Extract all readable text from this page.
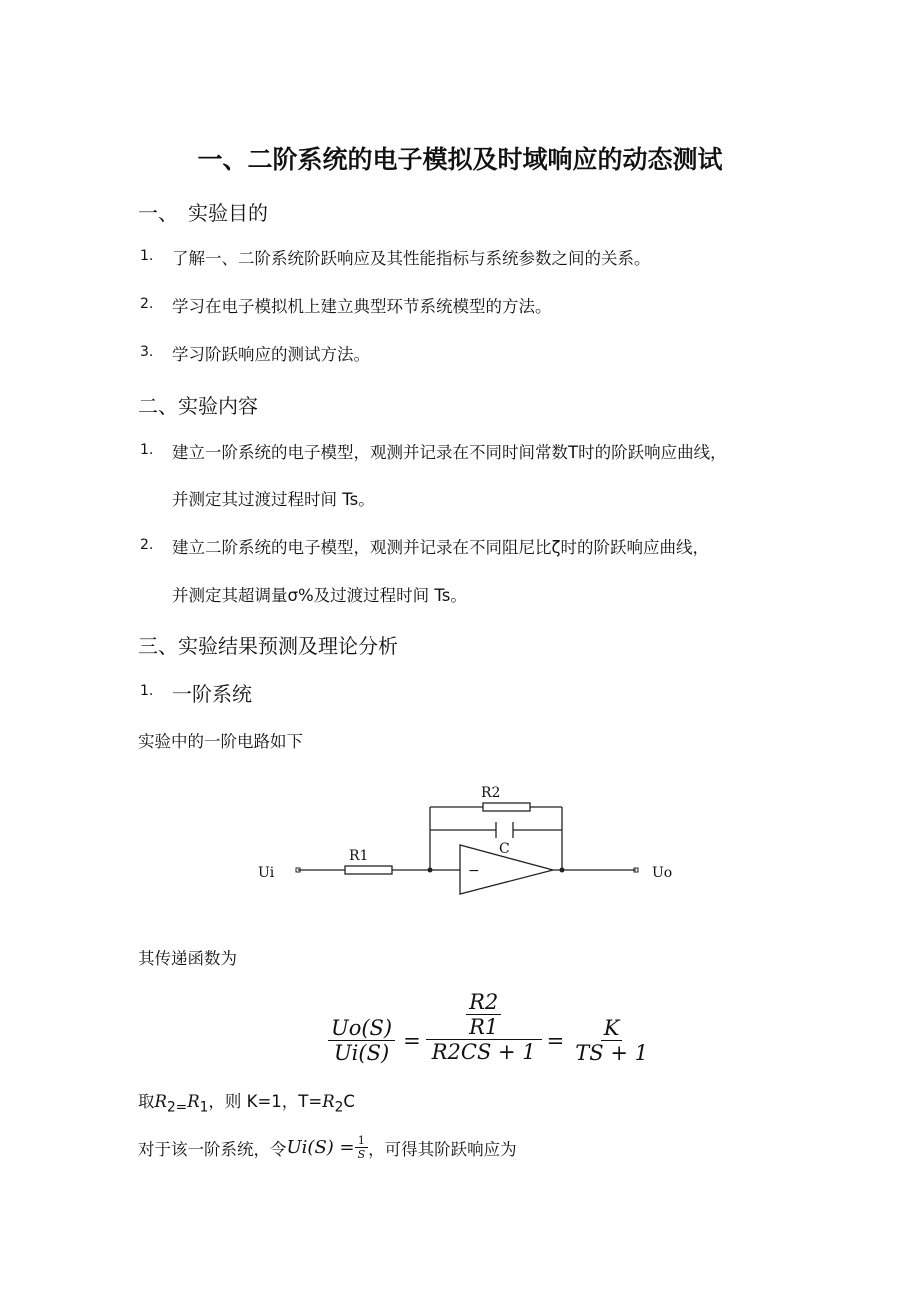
一、二阶系统的电子模拟及时域响应的动态测试
一、　实验目的
1. 了解一、二阶系统阶跃响应及其性能指标与系统参数之间的关系。
2. 学习在电子模拟机上建立典型环节系统模型的方法。
3. 学习阶跃响应的测试方法。
二、实验内容
1. 建立一阶系统的电子模型，观测并记录在不同时间常数T时的阶跃响应曲线，
并测定其过渡过程时间 Ts。
2. 建立二阶系统的电子模型，观测并记录在不同阻尼比ζ时的阶跃响应曲线，
并测定其超调量σ%及过渡过程时间 Ts。
三、实验结果预测及理论分析
1. 一阶系统
实验中的一阶电路如下
Ui	Uo
R1
R2
C
−
其传递函数为
$\frac{Uo(S)}{Ui(S)} = \frac{\frac{R2}{R1}}{R2CS + 1} = \frac{K}{TS + 1}$
取$R_{2=}R_1$，则 K=1，$T=R_2C$
对于该一阶系统，令 $Ui(S) = \frac{1}{S}$ ，可得其阶跃响应为
